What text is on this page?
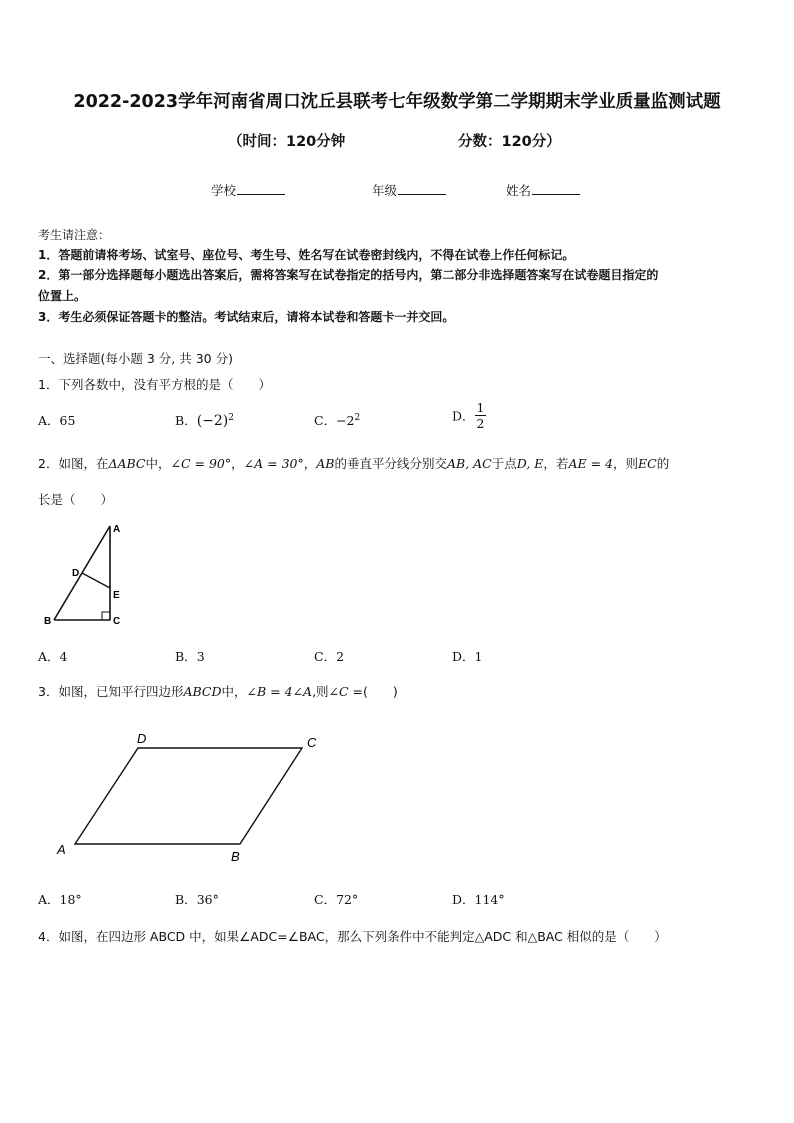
2022-2023学年河南省周口沈丘县联考七年级数学第二学期期末学业质量监测试题
（时间：120分钟	分数：120分）
学校	年级	姓名
考生请注意：
1．答题前请将考场、试室号、座位号、考生号、姓名写在试卷密封线内，不得在试卷上作任何标记。
2．第一部分选择题每小题选出答案后，需将答案写在试卷指定的括号内，第二部分非选择题答案写在试卷题目指定的
位置上。
3．考生必须保证答题卡的整洁。考试结束后，请将本试卷和答题卡一并交回。
一、选择题(每小题 3 分, 共 30 分)
1．下列各数中，没有平方根的是（　　）
A．65	B．$(-2)^2$	C．$-2^2$	D． $\frac{1}{2}$
2．如图，在ΔABC中，∠C = 90°，∠A = 30°，AB的垂直平分线分别交AB, AC于点D, E，若AE = 4，则EC的
长是（　　）
A
B	C
D
E
A．4	B．3	C．2	D．1
3．如图，已知平行四边形ABCD中，∠B = 4∠A,则∠C =(　　)
A	B
C
D
A．18°	B．36°	C．72°	D．114°
4．如图，在四边形 ABCD 中，如果∠ADC=∠BAC，那么下列条件中不能判定△ADC 和△BAC 相似的是（　　）
